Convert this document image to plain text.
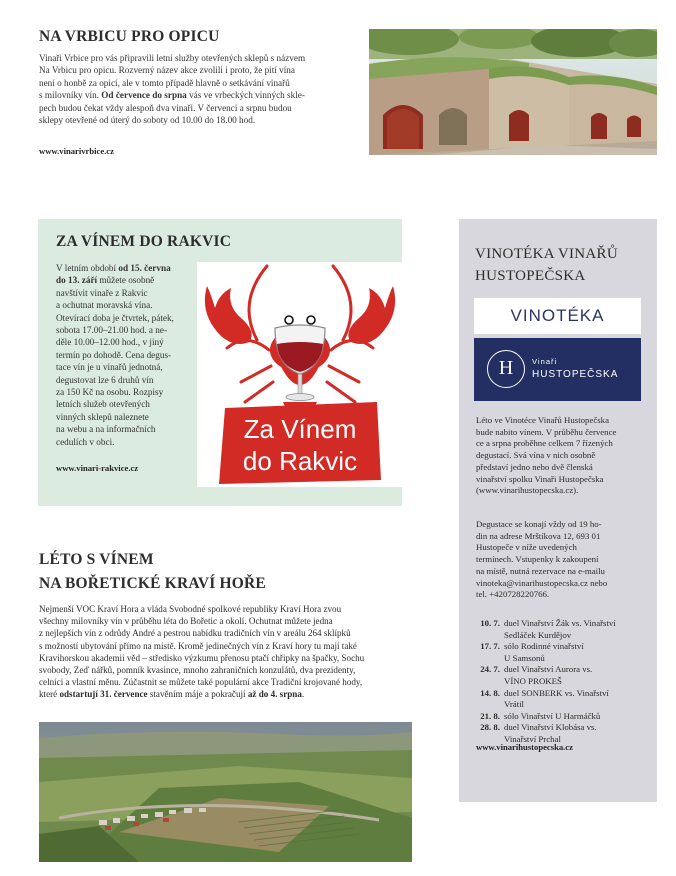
NA VRBICU PRO OPICU
Vinaři Vrbice pro vás připravili letní služby otevřených sklepů s názvem
Na Vrbicu pro opicu. Rozverný název akce zvolili i proto, že pití vína
není o honbě za opicí, ale v tomto případě hlavně o setkávání vinařů
s milovníky vín. Od července do srpna vás ve vrbeckých vinných skle-
pech budou čekat vždy alespoň dva vinaři. V červenci a srpnu budou
sklepy otevřené od úterý do soboty od 10.00 do 18.00 hod.
www.vinarivrbice.cz
ZA VÍNEM DO RAKVIC
V letním období od 15. června
do 13. září můžete osobně
navštívit vinaře z Rakvic
a ochutnat moravská vína.
Otevírací doba je čtvrtek, pátek,
sobota 17.00–21.00 hod. a ne-
děle 10.00–12.00 hod., v jiný
termín po dohodě. Cena degus-
tace vín je u vinařů jednotná,
degustovat lze 6 druhů vín
za 150 Kč na osobu. Rozpisy
letních služeb otevřených
vinných sklepů naleznete
na webu a na informačních
cedulích v obci.
www.vinari-rakvice.cz
Za Vínem
do Rakvic
VINOTÉKA VINAŘŮ
HUSTOPEČSKA
VINOTÉKA
H	Vinaři
HUSTOPEČSKA
Léto ve Vinotéce Vinařů Hustopečska
bude nabito vínem. V průběhu července
ce a srpna proběhne celkem 7 řízených
degustací. Svá vína v nich osobně
představí jedno nebo dvě členská
vinařství spolku Vinaři Hustopečska
(www.vinarihustopecska.cz).
Degustace se konají vždy od 19 ho-
din na adrese Mrštíkova 12, 693 01
Hustopeče v níže uvedených
termínech. Vstupenky k zakoupení
na místě, nutná rezervace na e-mailu
vinoteka@vinarihustopecska.cz nebo
tel. +420728220766.
10. 7. duel Vinařství Žák vs. Vinařství
Sedláček Kurdějov
17. 7. sólo Rodinné vinařství
U Samsonů
24. 7. duel Vinařství Aurora vs.
VÍNO PROKEŠ
14. 8. duel SONBERK vs. Vinařství
Vrátil
21. 8. sólo Vinařství U Harmáčků
28. 8. duel Vinařství Klobása vs.
Vinařství Prchal
www.vinarihustopecska.cz
LÉTO S VÍNEM
NA BOŘETICKÉ KRAVÍ HOŘE
Nejmenší VOC Kraví Hora a vláda Svobodné spolkové republiky Kraví Hora zvou
všechny milovníky vín v průběhu léta do Bořetic a okolí. Ochutnat můžete jedna
z nejlepších vín z odrůdy André a pestrou nabídku tradičních vín v areálu 264 sklípků
s možností ubytování přímo na místě. Kromě jedinečných vín z Kraví hory tu mají také
Kravihorskou akademii věd – středisko výzkumu přenosu ptačí chřipky na špačky, Sochu
svobody, Zeď nářků, pomník kvasince, mnoho zahraničních konzulátů, dva prezidenty,
celníci a vlastní měnu. Zúčastnit se můžete také populární akce Tradiční krojované hody,
které odstartují 31. července stavěním máje a pokračují až do 4. srpna.
